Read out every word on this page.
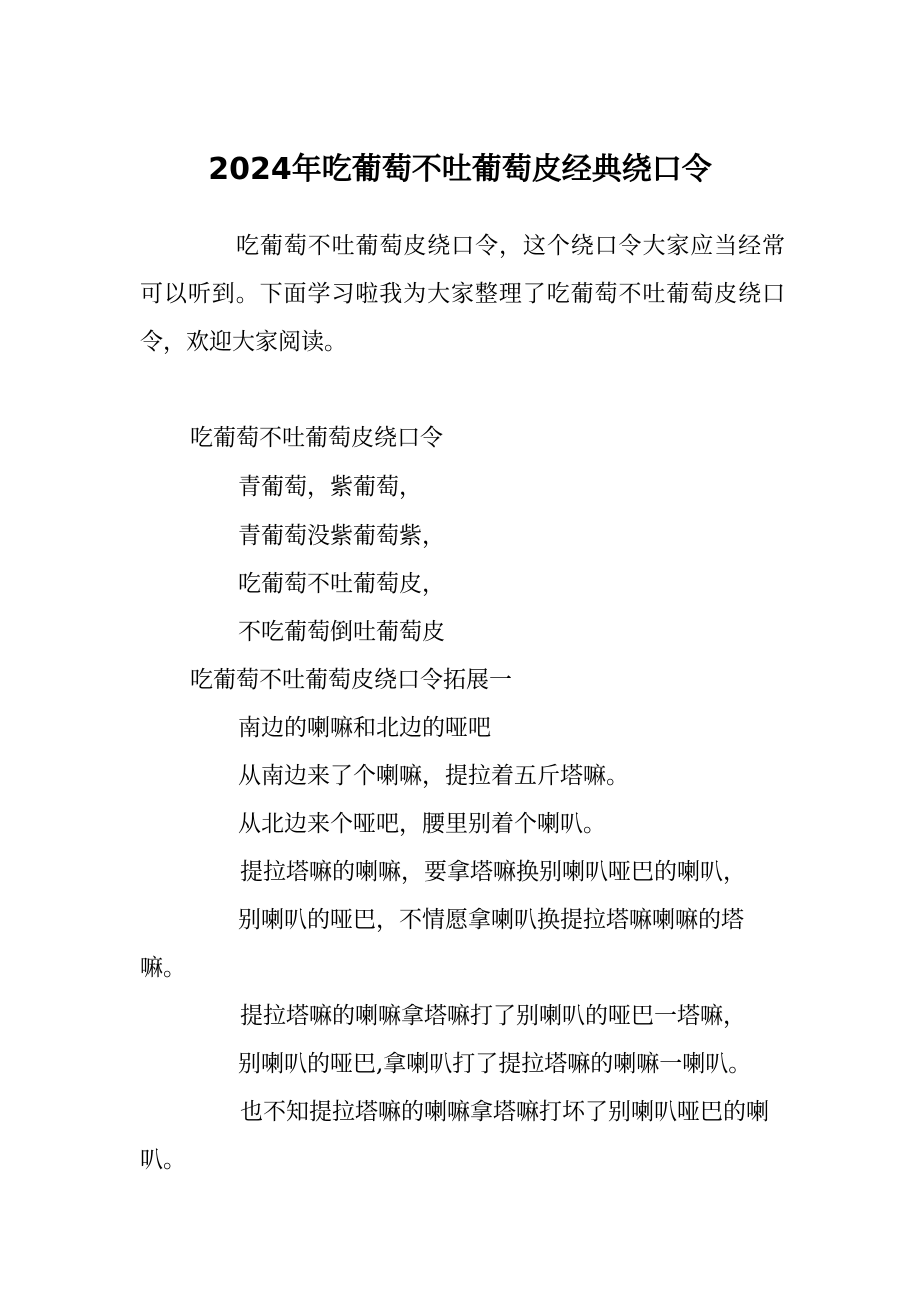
2024年吃葡萄不吐葡萄皮经典绕口令

吃葡萄不吐葡萄皮绕口令，这个绕口令大家应当经常可以听到。下面学习啦我为大家整理了吃葡萄不吐葡萄皮绕口令，欢迎大家阅读。

吃葡萄不吐葡萄皮绕口令

青葡萄，紫葡萄，

青葡萄没紫葡萄紫，

吃葡萄不吐葡萄皮，

不吃葡萄倒吐葡萄皮

吃葡萄不吐葡萄皮绕口令拓展一

南边的喇嘛和北边的哑吧

从南边来了个喇嘛，提拉着五斤塔嘛。

从北边来个哑吧，腰里别着个喇叭。

提拉塔嘛的喇嘛，要拿塔嘛换别喇叭哑巴的喇叭，

别喇叭的哑巴，不情愿拿喇叭换提拉塔嘛喇嘛的塔嘛。

提拉塔嘛的喇嘛拿塔嘛打了别喇叭的哑巴一塔嘛，

别喇叭的哑巴,拿喇叭打了提拉塔嘛的喇嘛一喇叭。

也不知提拉塔嘛的喇嘛拿塔嘛打坏了别喇叭哑巴的喇叭。
